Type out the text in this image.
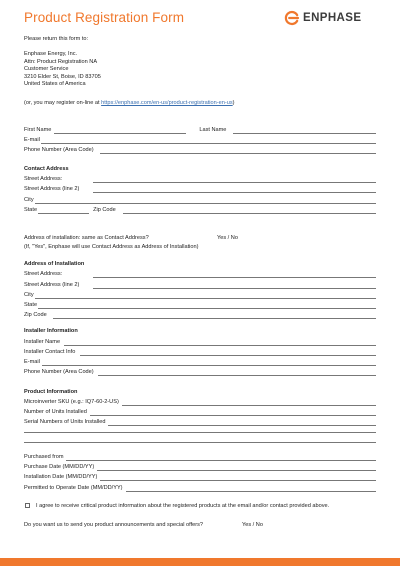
Product Registration Form	ENPHASE
Please return this form to:
Enphase Energy, Inc.
Attn: Product Registration NA
Customer Service
3210 Elder St, Boise, ID 83705
United States of America
(or, you may register on-line at https://enphase.com/en-us/product-registration-en-us)
First Name	Last Name
E-mail
Phone Number (Area Code)
Contact Address
Street Address:
Street Address (line 2)
City
State	Zip Code
Address of installation: same as Contact Address?	Yes / No
(If, "Yes", Enphase will use Contact Address as Address of Installation)
Address of Installation
Street Address:
Street Address (line 2)
City
State
Zip Code
Installer Information
Installer Name
Installer Contact Info
E-mail
Phone Number (Area Code)
Product Information
Microinverter SKU (e.g.: IQ7-60-2-US)
Number of Units Installed
Serial Numbers of Units Installed
Purchased from
Purchase Date (MM/DD/YY)
Installation Date (MM/DD/YY)
Permitted to Operate Date (MM/DD/YY)
I agree to receive critical product information about the registered products at the email and/or contact provided above.
Do you want us to send you product announcements and special offers?	Yes / No
